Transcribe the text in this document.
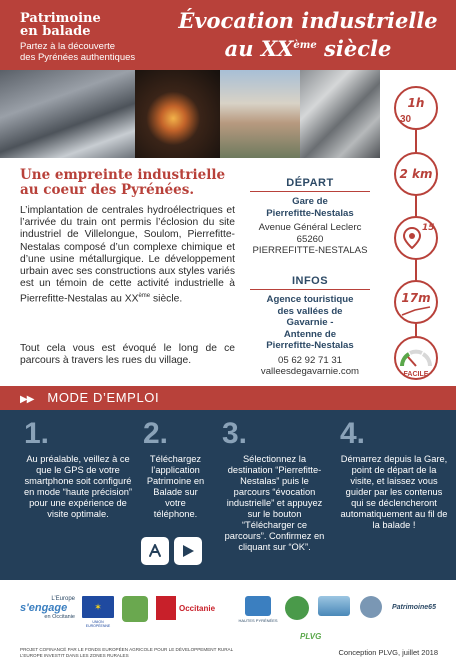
Patrimoine
en balade
Partez à la découverte
des Pyrénées authentiques
Évocation industrielle
au XXème siècle
1h
30
2 km
15
17m
FACILE
Une empreinte industrielle
au coeur des Pyrénées.
L’implantation de centrales hydroélectriques et l’arrivée du train ont permis l’éclosion du site industriel de Villelongue, Soulom, Pierrefitte-Nestalas composé d’un complexe chimique et d’une usine métallurgique. Le développement urbain avec ses constructions aux styles variés est un témoin de cette activité industrielle à Pierrefitte-Nestalas au XXème siècle.
Tout cela vous est évoqué le long de ce parcours à travers les rues du village.
DÉPART
Gare de
Pierrefitte-Nestalas
Avenue Général Leclerc
65260
PIERREFITTE-NESTALAS
INFOS
Agence touristique
des vallées de
Gavarnie -
Antenne de
Pierrefitte-Nestalas
05 62 92 71 31
valleesdegavarnie.com
▶▶ MODE D’EMPLOI
1.
Au préalable, veillez à ce que le GPS de votre smartphone soit configuré en mode “haute précision” pour une expérience de visite optimale.
2.
Téléchargez l’application Patrimoine en Balade sur votre téléphone.
3.
Sélectionnez la destination “Pierrefitte-Nestalas” puis le parcours “évocation industrielle” et appuyez sur le bouton “Télécharger ce parcours”. Confirmez en cliquant sur “OK”.
4.
Démarrez depuis la Gare, point de départ de la visite, et laissez vous guider par les contenus qui se déclencheront automatiquement au fil de la balade !
L’Europe
s'engage
en Occitanie
✶
UNION EUROPÉENNE
Occitanie
HAUTES PYRÉNÉES
Patrimoine65
PLVG
PROJET COFINANCÉ PAR LE FONDS EUROPÉEN AGRICOLE POUR LE DÉVELOPPEMENT RURAL
L’EUROPE INVESTIT DANS LES ZONES RURALES	Conception PLVG, juillet 2018
